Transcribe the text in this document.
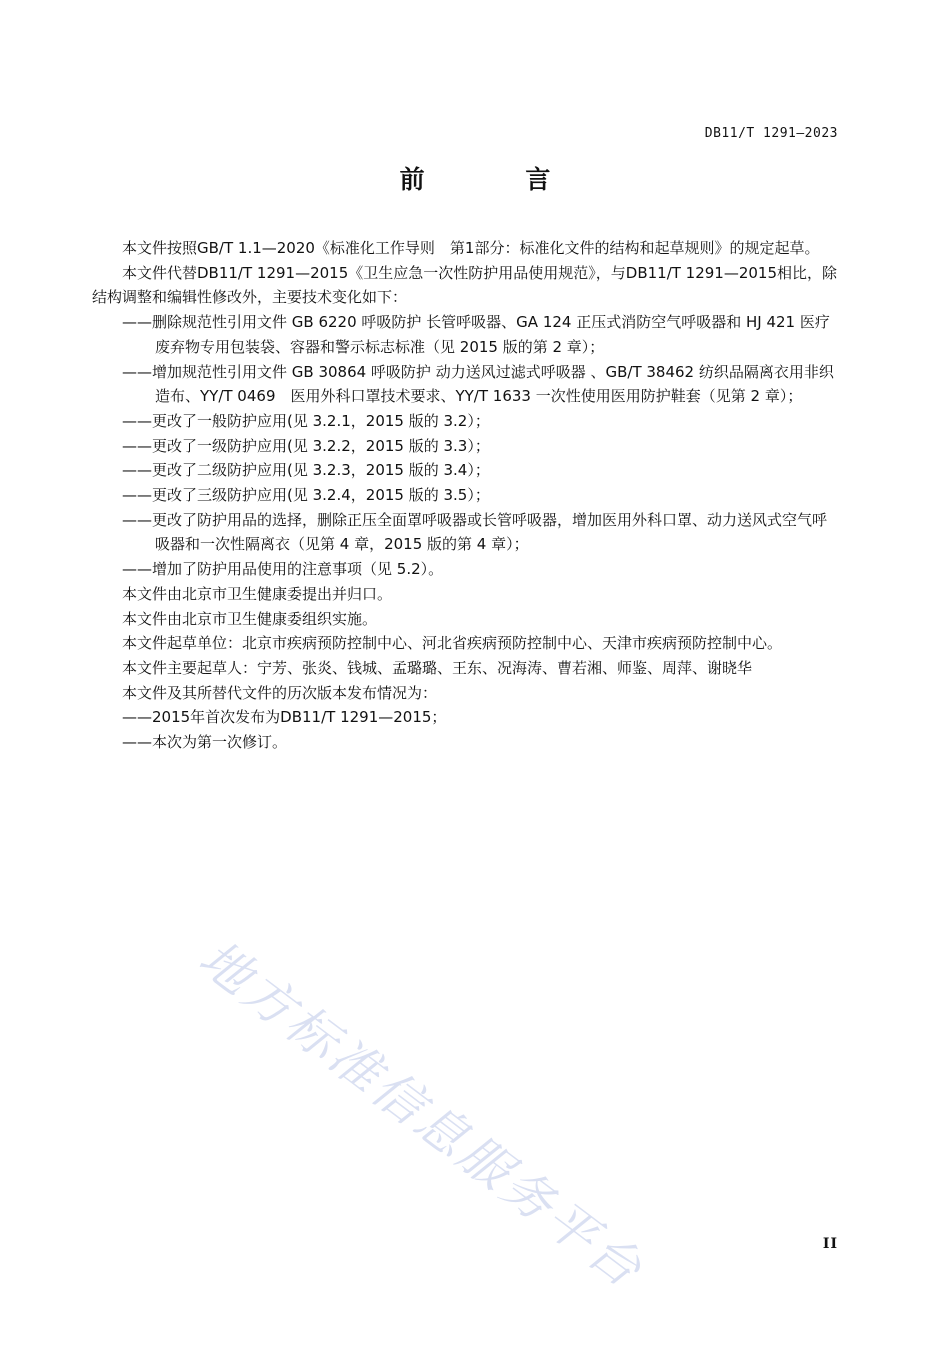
DB11/T 1291—2023
前 言

本文件按照GB/T 1.1—2020《标准化工作导则　第1部分：标准化文件的结构和起草规则》的规定起草。

本文件代替DB11/T 1291—2015《卫生应急一次性防护用品使用规范》，与DB11/T 1291—2015相比，除结构调整和编辑性修改外，主要技术变化如下：

——删除规范性引用文件 GB 6220 呼吸防护 长管呼吸器、GA 124 正压式消防空气呼吸器和 HJ 421 医疗废弃物专用包装袋、容器和警示标志标准（见 2015 版的第 2 章）；

——增加规范性引用文件 GB 30864 呼吸防护 动力送风过滤式呼吸器 、GB/T 38462 纺织品隔离衣用非织造布、YY/T 0469　医用外科口罩技术要求、YY/T 1633 一次性使用医用防护鞋套（见第 2 章）；

——更改了一般防护应用(见 3.2.1，2015 版的 3.2）；

——更改了一级防护应用(见 3.2.2，2015 版的 3.3）；

——更改了二级防护应用(见 3.2.3，2015 版的 3.4）；

——更改了三级防护应用(见 3.2.4，2015 版的 3.5）；

——更改了防护用品的选择，删除正压全面罩呼吸器或长管呼吸器，增加医用外科口罩、动力送风式空气呼吸器和一次性隔离衣（见第 4 章，2015 版的第 4 章）；

——增加了防护用品使用的注意事项（见 5.2）。

本文件由北京市卫生健康委提出并归口。

本文件由北京市卫生健康委组织实施。

本文件起草单位：北京市疾病预防控制中心、河北省疾病预防控制中心、天津市疾病预防控制中心。

本文件主要起草人：宁芳、张炎、钱城、孟璐璐、王东、况海涛、曹若湘、师鉴、周萍、谢晓华

本文件及其所替代文件的历次版本发布情况为：

——2015年首次发布为DB11/T 1291—2015；

——本次为第一次修订。

地方标准信息服务平台	II
